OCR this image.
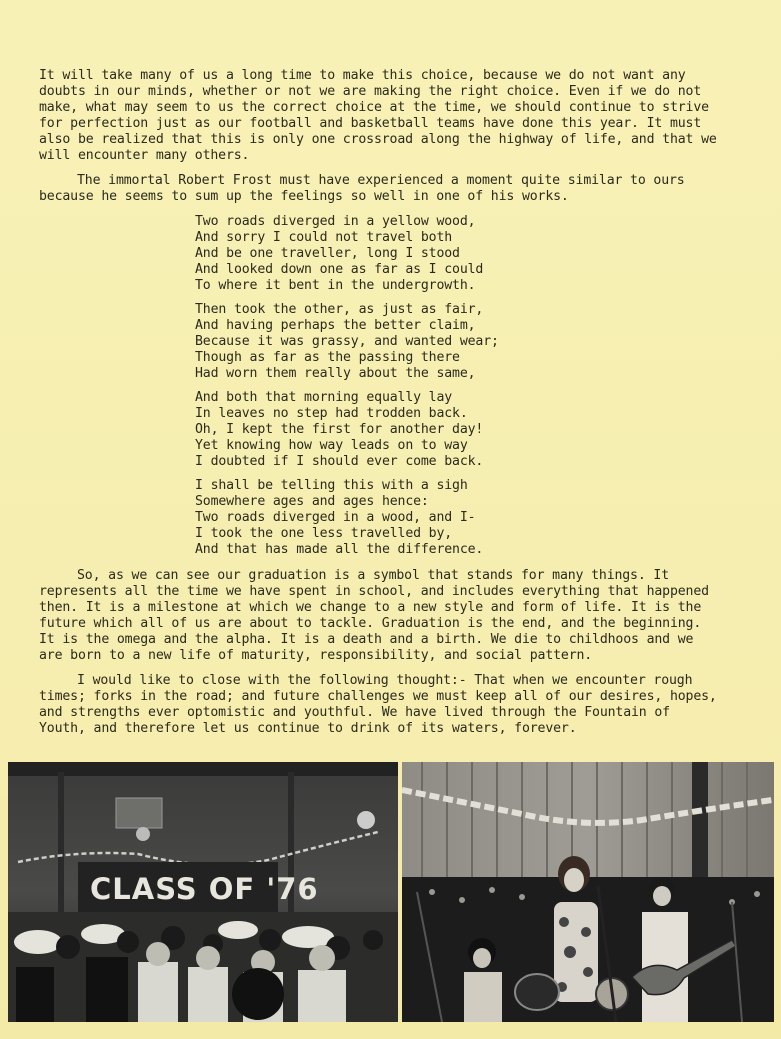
It will take many of us a long time to make this choice, because we do not want any doubts in our minds, whether or not we are making the right choice. Even if we do not make, what may seem to us the correct choice at the time, we should continue to strive for perfection just as our football and basketball teams have done this year. It must also be realized that this is only one crossroad along the highway of life, and that we will encounter many others.

The immortal Robert Frost must have experienced a moment quite similar to ours because he seems to sum up the feelings so well in one of his works.

Two roads diverged in a yellow wood,
And sorry I could not travel both
And be one traveller, long I stood
And looked down one as far as I could
To where it bent in the undergrowth.
Then took the other, as just as fair,
And having perhaps the better claim,
Because it was grassy, and wanted wear;
Though as far as the passing there
Had worn them really about the same,
And both that morning equally lay
In leaves no step had trodden back.
Oh, I kept the first for another day!
Yet knowing how way leads on to way
I doubted if I should ever come back.
I shall be telling this with a sigh
Somewhere ages and ages hence:
Two roads diverged in a wood, and I-
I took the one less travelled by,
And that has made all the difference.

So, as we can see our graduation is a symbol that stands for many things. It represents all the time we have spent in school, and includes everything that happened then. It is a milestone at which we change to a new style and form of life. It is the future which all of us are about to tackle. Graduation is the end, and the beginning. It is the omega and the alpha. It is a death and a birth. We die to childhoos and we are born to a new life of maturity, responsibility, and social pattern.

I would like to close with the following thought:- That when we encounter rough times; forks in the road; and future challenges we must keep all of our desires, hopes, and strengths ever optomistic and youthful. We have lived through the Fountain of Youth, and therefore let us continue to drink of its waters, forever.

CLASS OF '76
